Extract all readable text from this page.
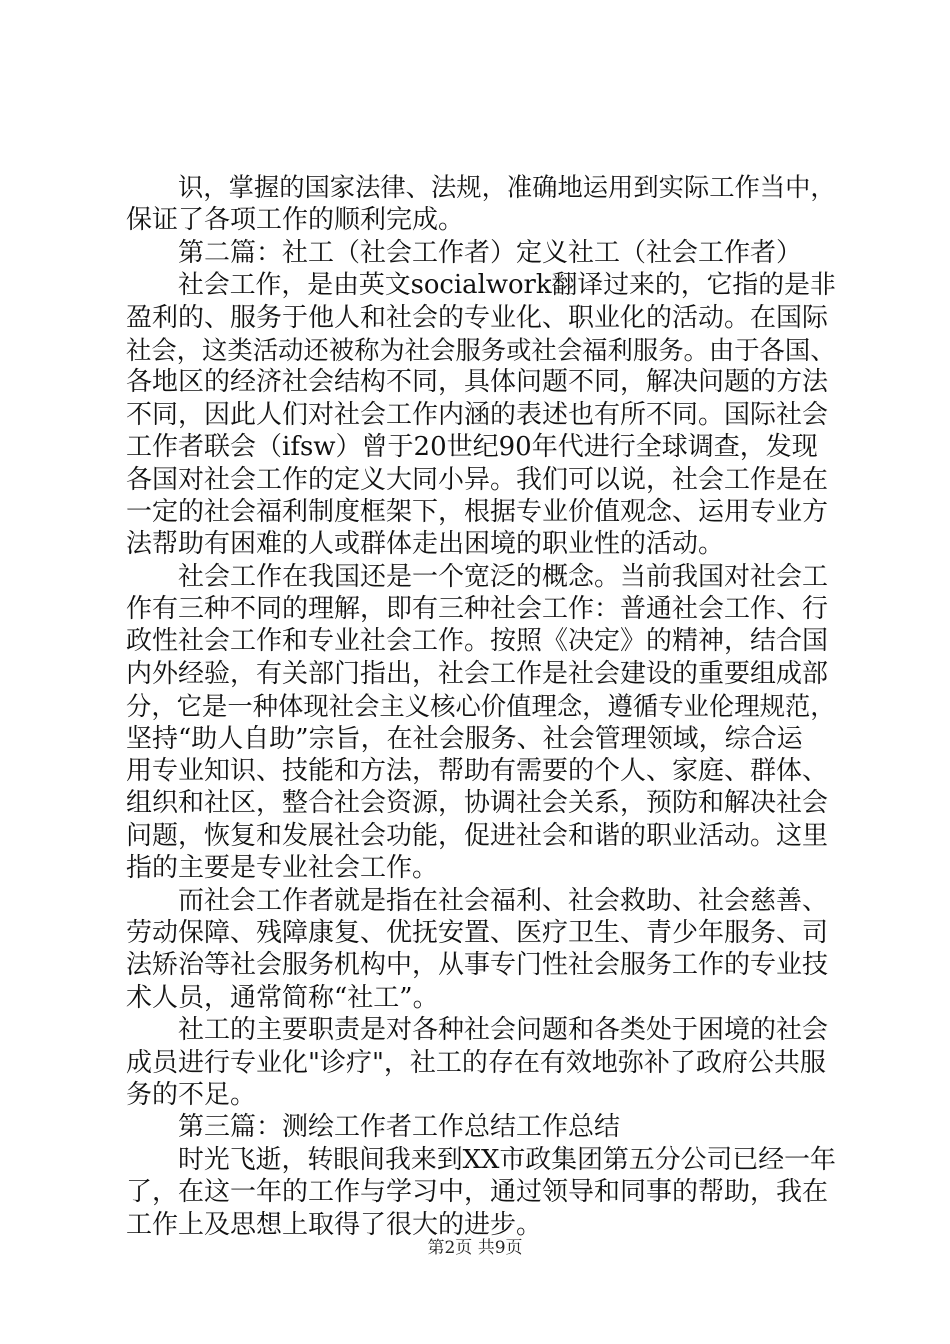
识，掌握的国家法律、法规，准确地运用到实际工作当中，
保证了各项工作的顺利完成。
第二篇：社工（社会工作者）定义社工（社会工作者）
社会工作，是由英文socialwork翻译过来的，它指的是非
盈利的、服务于他人和社会的专业化、职业化的活动。在国际
社会，这类活动还被称为社会服务或社会福利服务。由于各国、
各地区的经济社会结构不同，具体问题不同，解决问题的方法
不同，因此人们对社会工作内涵的表述也有所不同。国际社会
工作者联会（ifsw）曾于20世纪90年代进行全球调查，发现
各国对社会工作的定义大同小异。我们可以说，社会工作是在
一定的社会福利制度框架下，根据专业价值观念、运用专业方
法帮助有困难的人或群体走出困境的职业性的活动。
社会工作在我国还是一个宽泛的概念。当前我国对社会工
作有三种不同的理解，即有三种社会工作：普通社会工作、行
政性社会工作和专业社会工作。按照《决定》的精神，结合国
内外经验，有关部门指出，社会工作是社会建设的重要组成部
分，它是一种体现社会主义核心价值理念，遵循专业伦理规范，
坚持“助人自助”宗旨，在社会服务、社会管理领域，综合运
用专业知识、技能和方法，帮助有需要的个人、家庭、群体、
组织和社区，整合社会资源，协调社会关系，预防和解决社会
问题，恢复和发展社会功能，促进社会和谐的职业活动。这里
指的主要是专业社会工作。
而社会工作者就是指在社会福利、社会救助、社会慈善、
劳动保障、残障康复、优抚安置、医疗卫生、青少年服务、司
法矫治等社会服务机构中，从事专门性社会服务工作的专业技
术人员，通常简称“社工”。
社工的主要职责是对各种社会问题和各类处于困境的社会
成员进行专业化"诊疗"，社工的存在有效地弥补了政府公共服
务的不足。
第三篇：测绘工作者工作总结工作总结
时光飞逝，转眼间我来到XX市政集团第五分公司已经一年
了，在这一年的工作与学习中，通过领导和同事的帮助，我在
工作上及思想上取得了很大的进步。
第2页 共9页
